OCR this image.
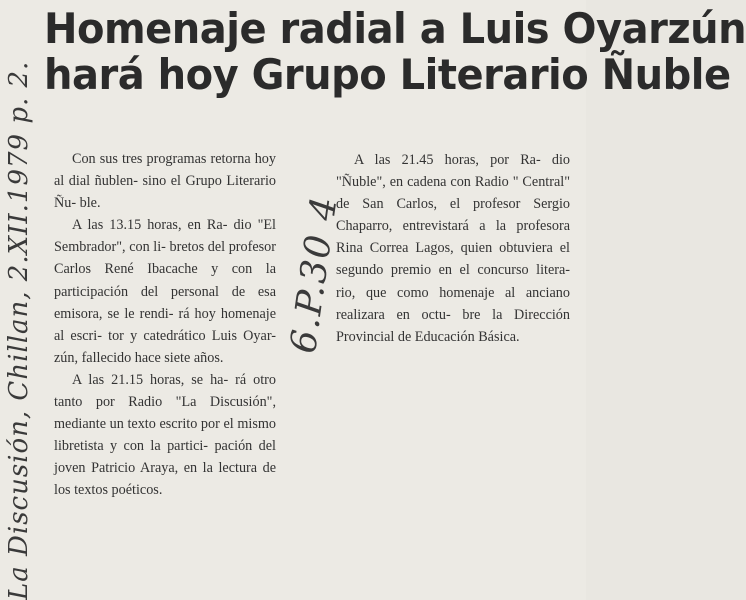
Homenaje radial a Luis Oyarzún
hará hoy Grupo Literario Ñuble

Con sus tres programas retorna hoy al dial ñublen- sino el Grupo Literario Ñu- ble.

A las 13.15 horas, en Ra- dio "El Sembrador", con li- bretos del profesor Carlos René Ibacache y con la participación del personal de esa emisora, se le rendi- rá hoy homenaje al escri- tor y catedrático Luis Oyar- zún, fallecido hace siete años.

A las 21.15 horas, se ha- rá otro tanto por Radio "La Discusión", mediante un texto escrito por el mismo libretista y con la partici- pación del joven Patricio Araya, en la lectura de los textos poéticos.

A las 21.45 horas, por Ra- dio "Ñuble", en cadena con Radio " Central" de San Carlos, el profesor Sergio Chaparro, entrevistará a la profesora Rina Correa Lagos, quien obtuviera el segundo premio en el concurso litera- rio, que como homenaje al anciano realizara en octu- bre la Dirección Provincial de Educación Básica.

La Discusión, Chillan, 2.XII.1979 p. 2.	6.P.30 4
